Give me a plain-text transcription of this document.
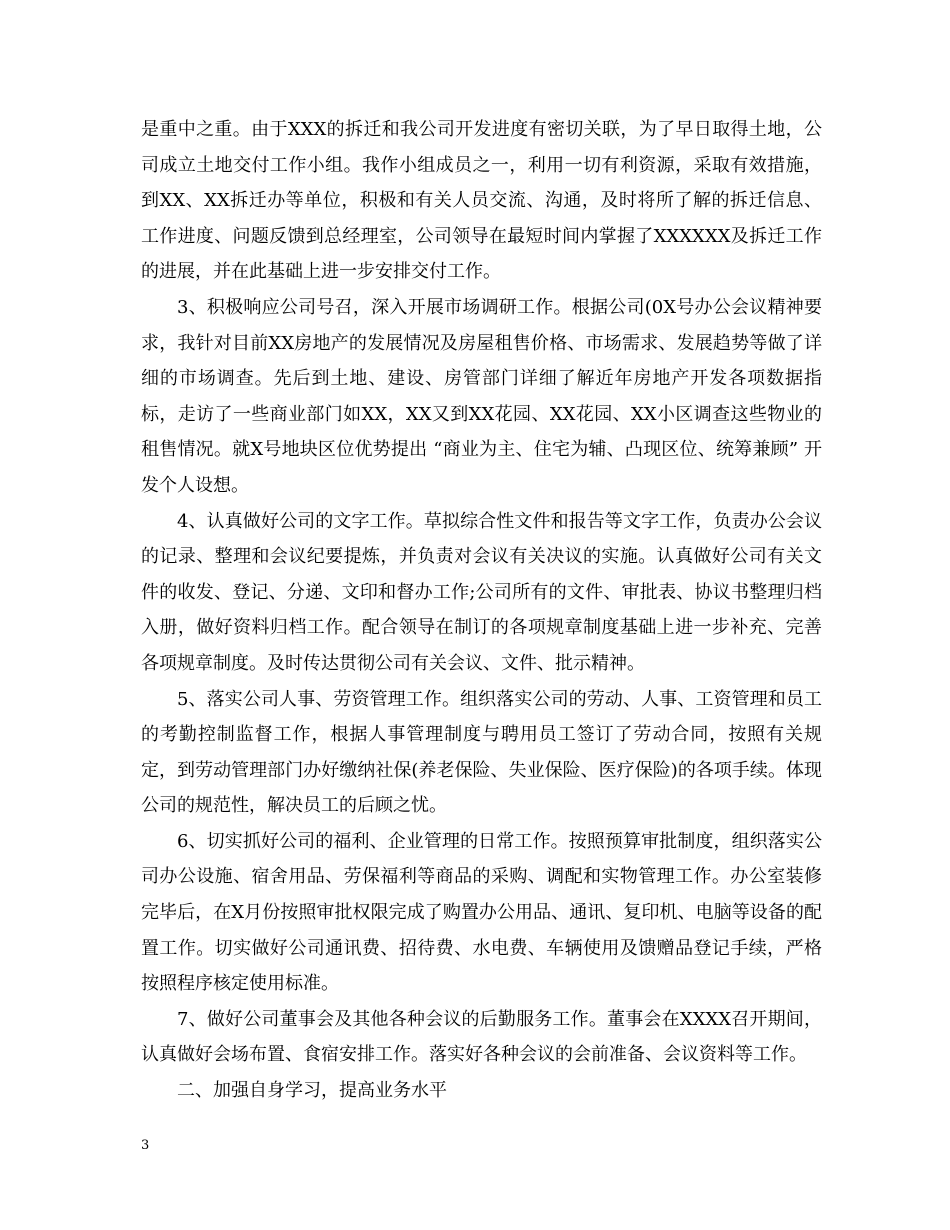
是重中之重。由于XXX的拆迁和我公司开发进度有密切关联，为了早日取得土地，公司成立土地交付工作小组。我作小组成员之一，利用一切有利资源，采取有效措施，到XX、XX拆迁办等单位，积极和有关人员交流、沟通，及时将所了解的拆迁信息、工作进度、问题反馈到总经理室，公司领导在最短时间内掌握了XXXXXX及拆迁工作的进展，并在此基础上进一步安排交付工作。

3、积极响应公司号召，深入开展市场调研工作。根据公司(0X号办公会议精神要求，我针对目前XX房地产的发展情况及房屋租售价格、市场需求、发展趋势等做了详细的市场调查。先后到土地、建设、房管部门详细了解近年房地产开发各项数据指标，走访了一些商业部门如XX，XX又到XX花园、XX花园、XX小区调查这些物业的租售情况。就X号地块区位优势提出 “商业为主、住宅为辅、凸现区位、统筹兼顾” 开发个人设想。

4、认真做好公司的文字工作。草拟综合性文件和报告等文字工作，负责办公会议的记录、整理和会议纪要提炼，并负责对会议有关决议的实施。认真做好公司有关文件的收发、登记、分递、文印和督办工作;公司所有的文件、审批表、协议书整理归档入册，做好资料归档工作。配合领导在制订的各项规章制度基础上进一步补充、完善各项规章制度。及时传达贯彻公司有关会议、文件、批示精神。

5、落实公司人事、劳资管理工作。组织落实公司的劳动、人事、工资管理和员工的考勤控制监督工作，根据人事管理制度与聘用员工签订了劳动合同，按照有关规定，到劳动管理部门办好缴纳社保(养老保险、失业保险、医疗保险)的各项手续。体现公司的规范性，解决员工的后顾之忧。

6、切实抓好公司的福利、企业管理的日常工作。按照预算审批制度，组织落实公司办公设施、宿舍用品、劳保福利等商品的采购、调配和实物管理工作。办公室装修完毕后，在X月份按照审批权限完成了购置办公用品、通讯、复印机、电脑等设备的配置工作。切实做好公司通讯费、招待费、水电费、车辆使用及馈赠品登记手续，严格按照程序核定使用标准。

7、做好公司董事会及其他各种会议的后勤服务工作。董事会在XXXX召开期间，认真做好会场布置、食宿安排工作。落实好各种会议的会前准备、会议资料等工作。

二、加强自身学习，提高业务水平

3
